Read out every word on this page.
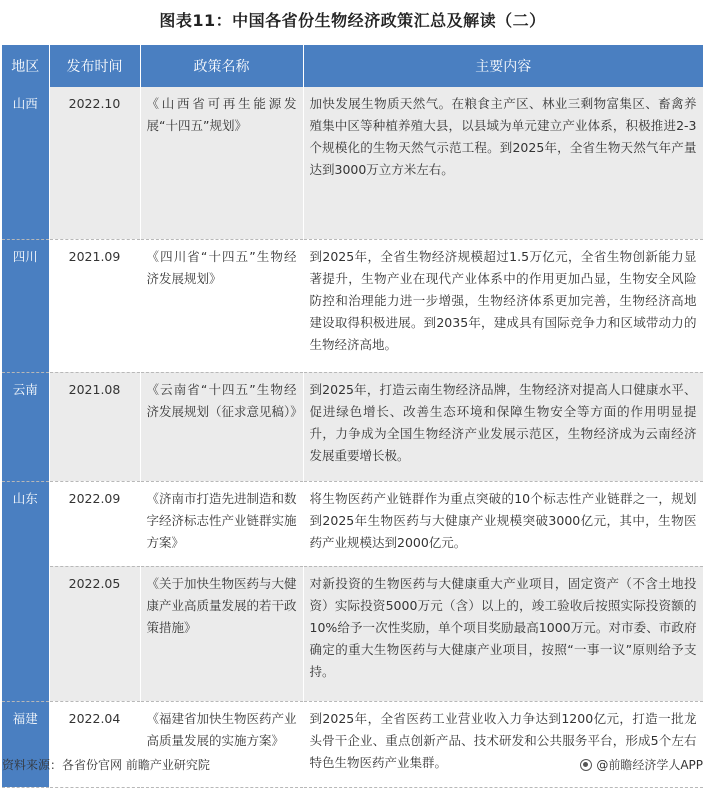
图表11：中国各省份生物经济政策汇总及解读（二）
地区	发布时间	政策名称	主要内容
山西	2022.10	《山西省可再生能源发展“十四五”规划》	加快发展生物质天然气。在粮食主产区、林业三剩物富集区、畜禽养殖集中区等种植养殖大县，以县域为单元建立产业体系，积极推进2-3个规模化的生物天然气示范工程。到2025年，全省生物天然气年产量达到3000万立方米左右。
四川	2021.09	《四川省“十四五”生物经济发展规划》	到2025年，全省生物经济规模超过1.5万亿元，全省生物创新能力显著提升，生物产业在现代产业体系中的作用更加凸显，生物安全风险防控和治理能力进一步增强，生物经济体系更加完善，生物经济高地建设取得积极进展。到2035年，建成具有国际竞争力和区域带动力的生物经济高地。
云南	2021.08	《云南省“十四五”生物经济发展规划（征求意见稿）》	到2025年，打造云南生物经济品牌，生物经济对提高人口健康水平、促进绿色增长、改善生态环境和保障生物安全等方面的作用明显提升，力争成为全国生物经济产业发展示范区，生物经济成为云南经济发展重要增长极。
山东	2022.09	《济南市打造先进制造和数字经济标志性产业链群实施方案》	将生物医药产业链群作为重点突破的10个标志性产业链群之一，规划到2025年生物医药与大健康产业规模突破3000亿元，其中，生物医药产业规模达到2000亿元。
	2022.05	《关于加快生物医药与大健康产业高质量发展的若干政策措施》	对新投资的生物医药与大健康重大产业项目，固定资产（不含土地投资）实际投资5000万元（含）以上的，竣工验收后按照实际投资额的10%给予一次性奖励，单个项目奖励最高1000万元。对市委、市政府确定的重大生物医药与大健康产业项目，按照“一事一议”原则给予支持。
福建	2022.04	《福建省加快生物医药产业高质量发展的实施方案》	到2025年，全省医药工业营业收入力争达到1200亿元，打造一批龙头骨干企业、重点创新产品、技术研发和公共服务平台，形成5个左右特色生物医药产业集群。
资料来源：各省份官网 前瞻产业研究院	@前瞻经济学人APP
